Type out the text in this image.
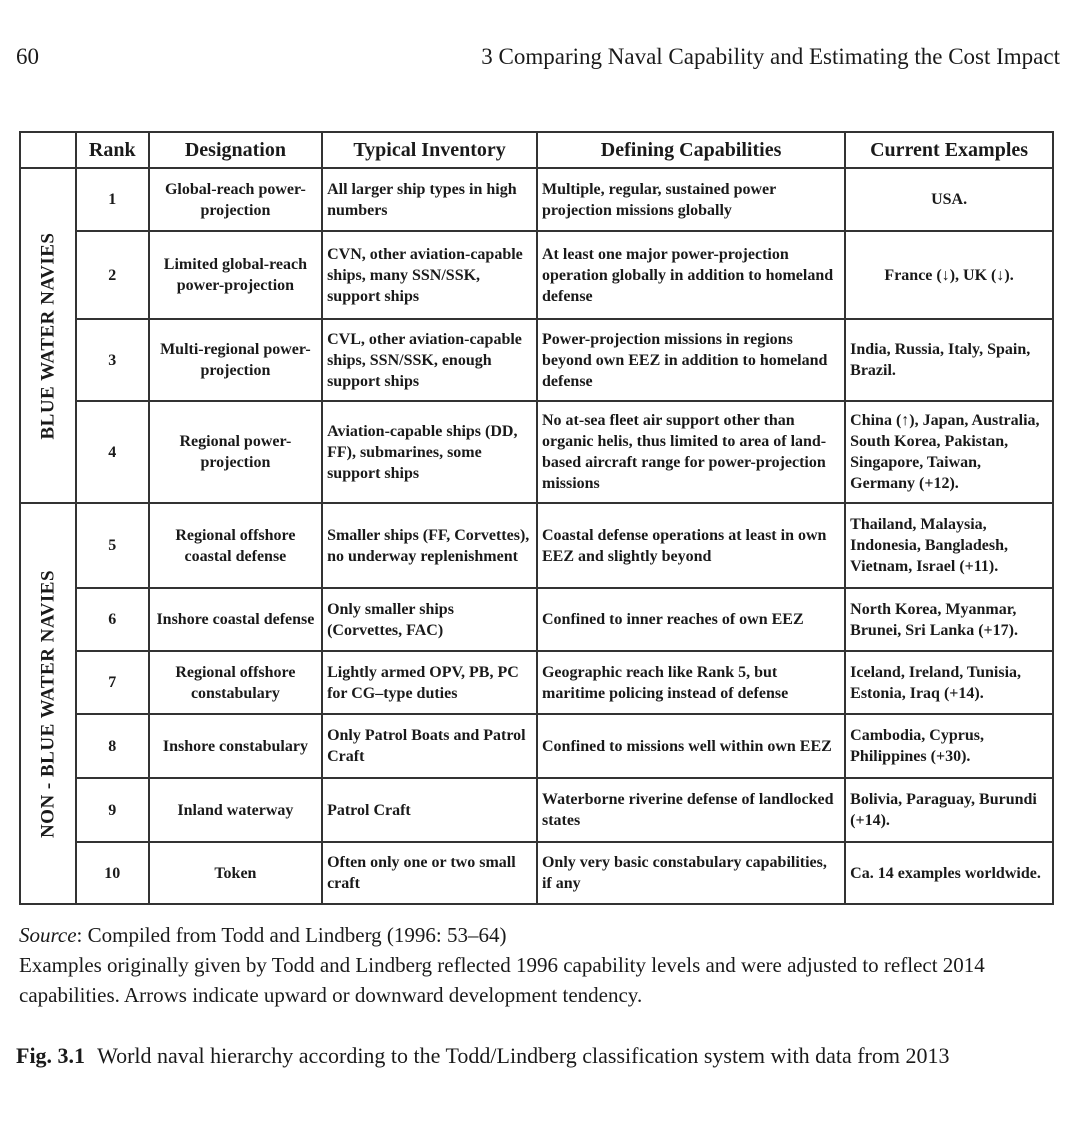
60	3 Comparing Naval Capability and Estimating the Cost Impact
	Rank	Designation	Typical Inventory	Defining Capabilities	Current Examples

BLUE WATER NAVIES	1	Global-reach power-projection	All larger ship types in high numbers	Multiple, regular, sustained power projection missions globally	USA.
	2	Limited global-reach power-projection	CVN, other aviation-capable ships, many SSN/SSK, support ships	At least one major power-projection operation globally in addition to homeland defense	France (↓), UK (↓).
	3	Multi-regional power-projection	CVL, other aviation-capable ships, SSN/SSK, enough support ships	Power-projection missions in regions beyond own EEZ in addition to homeland defense	India, Russia, Italy, Spain, Brazil.
	4	Regional power-projection	Aviation-capable ships (DD, FF), submarines, some support ships	No at-sea fleet air support other than organic helis, thus limited to area of land-based aircraft range for power-projection missions	China (↑), Japan, Australia, South Korea, Pakistan, Singapore, Taiwan, Germany (+12).

NON - BLUE WATER NAVIES	5	Regional offshore coastal defense	Smaller ships (FF, Corvettes), no underway replenishment	Coastal defense operations at least in own EEZ and slightly beyond	Thailand, Malaysia, Indonesia, Bangladesh, Vietnam, Israel (+11).
	6	Inshore coastal defense	Only smaller ships (Corvettes, FAC)	Confined to inner reaches of own EEZ	North Korea, Myanmar, Brunei, Sri Lanka (+17).
	7	Regional offshore constabulary	Lightly armed OPV, PB, PC for CG–type duties	Geographic reach like Rank 5, but maritime policing instead of defense	Iceland, Ireland, Tunisia, Estonia, Iraq (+14).
	8	Inshore constabulary	Only Patrol Boats and Patrol Craft	Confined to missions well within own EEZ	Cambodia, Cyprus, Philippines (+30).
	9	Inland waterway	Patrol Craft	Waterborne riverine defense of landlocked states	Bolivia, Paraguay, Burundi (+14).
	10	Token	Often only one or two small craft	Only very basic constabulary capabilities, if any	Ca. 14 examples worldwide.
Source: Compiled from Todd and Lindberg (1996: 53–64)
Examples originally given by Todd and Lindberg reflected 1996 capability levels and were adjusted to reflect 2014 capabilities. Arrows indicate upward or downward development tendency.
Fig. 3.1 World naval hierarchy according to the Todd/Lindberg classification system with data from 2013
